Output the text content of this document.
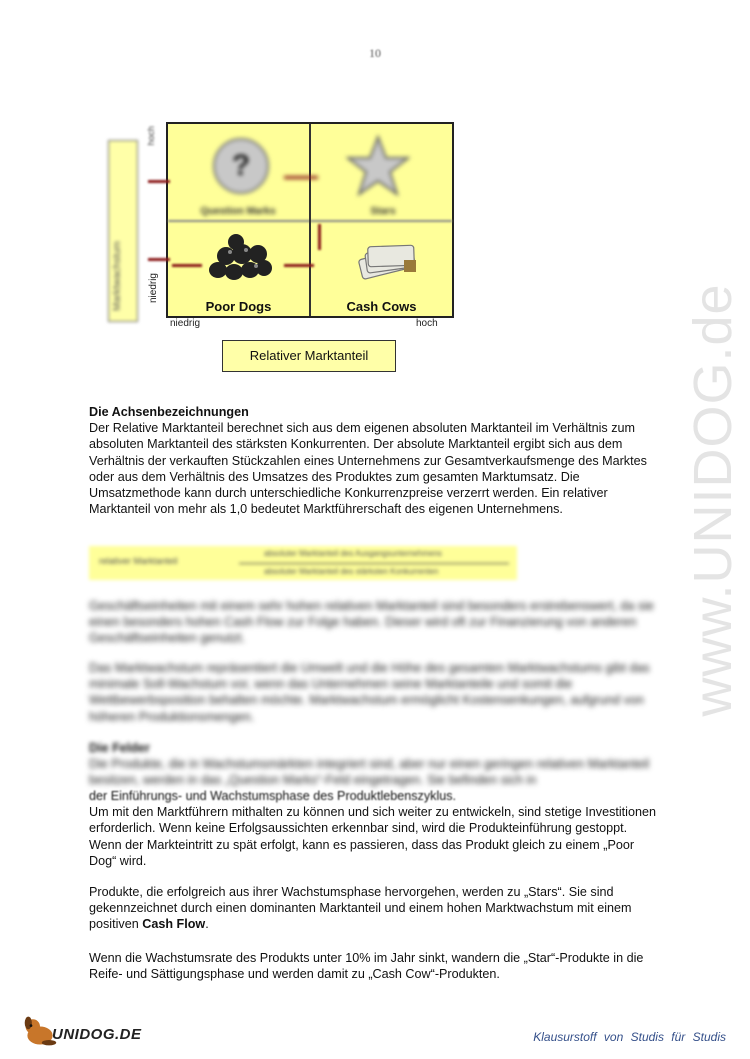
10
www.UNIDOG.de
Marktwachstum
hoch
niedrig
?
Question Marks	Stars
Poor Dogs	Cash Cows
niedrig	hoch
Relativer Marktanteil
Die Achsenbezeichnungen
Der Relative Marktanteil berechnet sich aus dem eigenen absoluten Marktanteil im Verhältnis zum absoluten Marktanteil des stärksten Konkurrenten. Der absolute Marktanteil ergibt sich aus dem Verhältnis der verkauften Stückzahlen eines Unternehmens zur Gesamtverkaufsmenge des Marktes oder aus dem Verhältnis des Umsatzes des Produktes zum gesamten Marktumsatz. Die Umsatzmethode kann durch unterschiedliche Konkurrenzpreise verzerrt werden. Ein relativer Marktanteil von mehr als 1,0 bedeutet Marktführerschaft des eigenen Unternehmens.
relativer Marktanteil
absoluter Marktanteil des Ausgangsunternehmens
absoluter Marktanteil des stärksten Konkurrenten
Geschäftseinheiten mit einem sehr hohen relativen Marktanteil sind besonders erstrebenswert, da sie einen besonders hohen Cash Flow zur Folge haben. Dieser wird oft zur Finanzierung von anderen Geschäftseinheiten genutzt.
Das Marktwachstum repräsentiert die Umwelt und die Höhe des gesamten Marktwachstums gibt das minimale Soll-Wachstum vor, wenn das Unternehmen seine Marktanteile und somit die Wettbewerbsposition behalten möchte. Marktwachstum ermöglicht Kostensenkungen, aufgrund von höheren Produktionsmengen.
Die Felder
Die Produkte, die in Wachstumsmärkten integriert sind, aber nur einen geringen relativen Marktanteil besitzen, werden in das „Question Marks“-Feld eingetragen. Sie befinden sich in
der Einführungs- und Wachstumsphase des Produktlebenszyklus.
Um mit den Marktführern mithalten zu können und sich weiter zu entwickeln, sind stetige Investitionen erforderlich. Wenn keine Erfolgsaussichten erkennbar sind, wird die Produkteinführung gestoppt. Wenn der Markteintritt zu spät erfolgt, kann es passieren, dass das Produkt gleich zu einem „Poor Dog“ wird.
Produkte, die erfolgreich aus ihrer Wachstumsphase hervorgehen, werden zu „Stars“. Sie sind gekennzeichnet durch einen dominanten Marktanteil und einem hohen Marktwachstum mit einem positiven Cash Flow.
Wenn die Wachstumsrate des Produkts unter 10% im Jahr sinkt, wandern die „Star“-Produkte in die Reife- und Sättigungsphase und werden damit zu „Cash Cow“-Produkten.
UNIDOG.DE	Klausurstoff von Studis für Studis
